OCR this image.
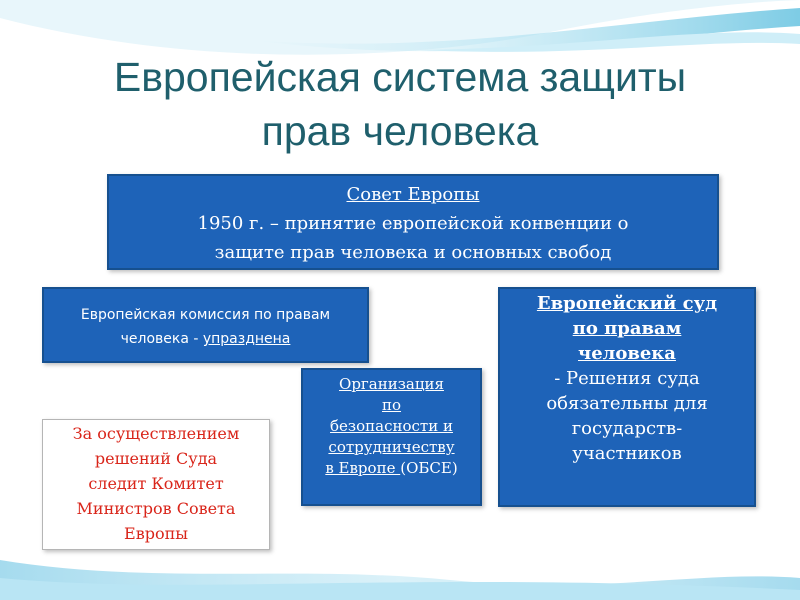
Европейская система защиты
прав человека
Совет Европы
1950 г. – принятие европейской конвенции о
защите прав человека и основных свобод
Европейская комиссия по правам
человека - упразднена
Европейский суд
по правам
человека
- Решения суда
обязательны для
государств-
участников
Организация
по
безопасности и
сотрудничеству
в Европе (ОБСЕ)
За осуществлением
решений Суда
следит Комитет
Министров Совета
Европы
